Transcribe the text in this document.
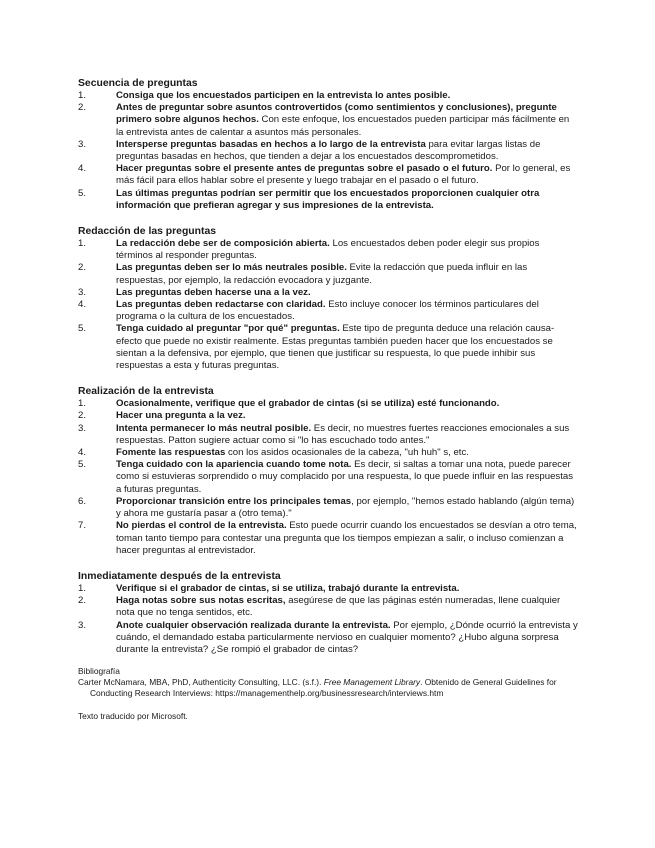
Secuencia de preguntas

1.	Consiga que los encuestados participen en la entrevista lo antes posible.
2.	Antes de preguntar sobre asuntos controvertidos (como sentimientos y conclusiones), pregunte primero sobre algunos hechos. Con este enfoque, los encuestados pueden participar más fácilmente en la entrevista antes de calentar a asuntos más personales.
3.	Intersperse preguntas basadas en hechos a lo largo de la entrevista para evitar largas listas de preguntas basadas en hechos, que tienden a dejar a los encuestados descomprometidos.
4.	Hacer preguntas sobre el presente antes de preguntas sobre el pasado o el futuro. Por lo general, es más fácil para ellos hablar sobre el presente y luego trabajar en el pasado o el futuro.
5.	Las últimas preguntas podrían ser permitir que los encuestados proporcionen cualquier otra información que prefieran agregar y sus impresiones de la entrevista.

Redacción de las preguntas

1.	La redacción debe ser de composición abierta. Los encuestados deben poder elegir sus propios términos al responder preguntas.
2.	Las preguntas deben ser lo más neutrales posible. Evite la redacción que pueda influir en las respuestas, por ejemplo, la redacción evocadora y juzgante.
3.	Las preguntas deben hacerse una a la vez.
4.	Las preguntas deben redactarse con claridad. Esto incluye conocer los términos particulares del programa o la cultura de los encuestados.
5.	Tenga cuidado al preguntar "por qué" preguntas. Este tipo de pregunta deduce una relación causa-efecto que puede no existir realmente. Estas preguntas también pueden hacer que los encuestados se sientan a la defensiva, por ejemplo, que tienen que justificar su respuesta, lo que puede inhibir sus respuestas a esta y futuras preguntas.

Realización de la entrevista

1.	Ocasionalmente, verifique que el grabador de cintas (si se utiliza) esté funcionando.
2.	Hacer una pregunta a la vez.
3.	Intenta permanecer lo más neutral posible. Es decir, no muestres fuertes reacciones emocionales a sus respuestas. Patton sugiere actuar como si "lo has escuchado todo antes."
4.	Fomente las respuestas con los asidos ocasionales de la cabeza, "uh huh" s, etc.
5.	Tenga cuidado con la apariencia cuando tome nota. Es decir, si saltas a tomar una nota, puede parecer como si estuvieras sorprendido o muy complacido por una respuesta, lo que puede influir en las respuestas a futuras preguntas.
6.	Proporcionar transición entre los principales temas, por ejemplo, "hemos estado hablando (algún tema) y ahora me gustaría pasar a (otro tema)."
7.	No pierdas el control de la entrevista. Esto puede ocurrir cuando los encuestados se desvían a otro tema, toman tanto tiempo para contestar una pregunta que los tiempos empiezan a salir, o incluso comienzan a hacer preguntas al entrevistador.

Inmediatamente después de la entrevista

1.	Verifique si el grabador de cintas, si se utiliza, trabajó durante la entrevista.
2.	Haga notas sobre sus notas escritas, asegúrese de que las páginas estén numeradas, llene cualquier nota que no tenga sentidos, etc.
3.	Anote cualquier observación realizada durante la entrevista. Por ejemplo, ¿Dónde ocurrió la entrevista y cuándo, el demandado estaba particularmente nervioso en cualquier momento? ¿Hubo alguna sorpresa durante la entrevista? ¿Se rompió el grabador de cintas?
Bibliografía
Carter McNamara, MBA, PhD, Authenticity Consulting, LLC. (s.f.). Free Management Library. Obtenido de General Guidelines for Conducting Research Interviews: https://managementhelp.org/businessresearch/interviews.htm
Texto traducido por Microsoft.
